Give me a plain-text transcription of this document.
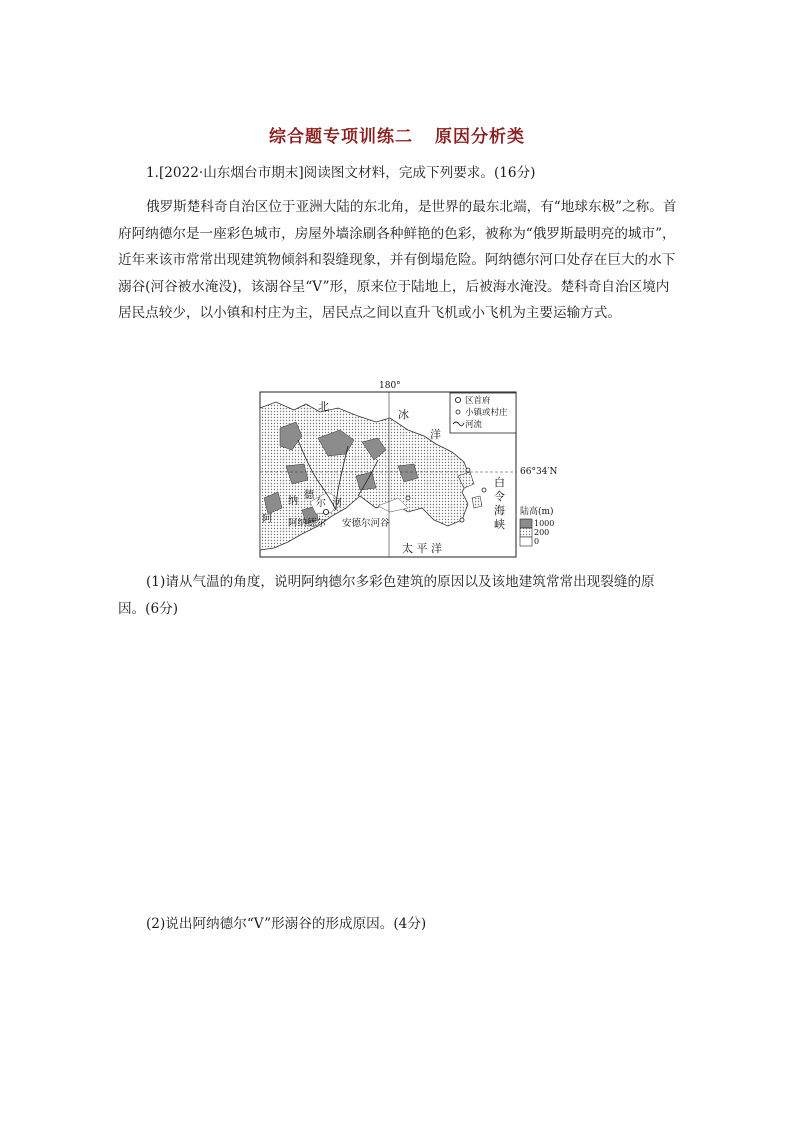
综合题专项训练二 原因分析类

1.[2022·山东烟台市期末]阅读图文材料，完成下列要求。(16分)

俄罗斯楚科奇自治区位于亚洲大陆的东北角，是世界的最东北端，有“地球东极”之称。首府阿纳德尔是一座彩色城市，房屋外墙涂刷各种鲜艳的色彩，被称为“俄罗斯最明亮的城市”，近年来该市常常出现建筑物倾斜和裂缝现象，并有倒塌危险。阿纳德尔河口处存在巨大的水下溺谷(河谷被水淹没)，该溺谷呈“V”形，原来位于陆地上，后被海水淹没。楚科奇自治区境内居民点较少，以小镇和村庄为主，居民点之间以直升飞机或小飞机为主要运输方式。

180°
66°34′N
北
冰
洋
白
令
海
峡
太 平 洋
阿
纳
德
尔 河
阿纳德尔 安德尔河谷
区首府
小镇或村庄
河流
陆高(m)
1000
200
0

(1)请从气温的角度，说明阿纳德尔多彩色建筑的原因以及该地建筑常常出现裂缝的原因。(6分)

(2)说出阿纳德尔“V”形溺谷的形成原因。(4分)
